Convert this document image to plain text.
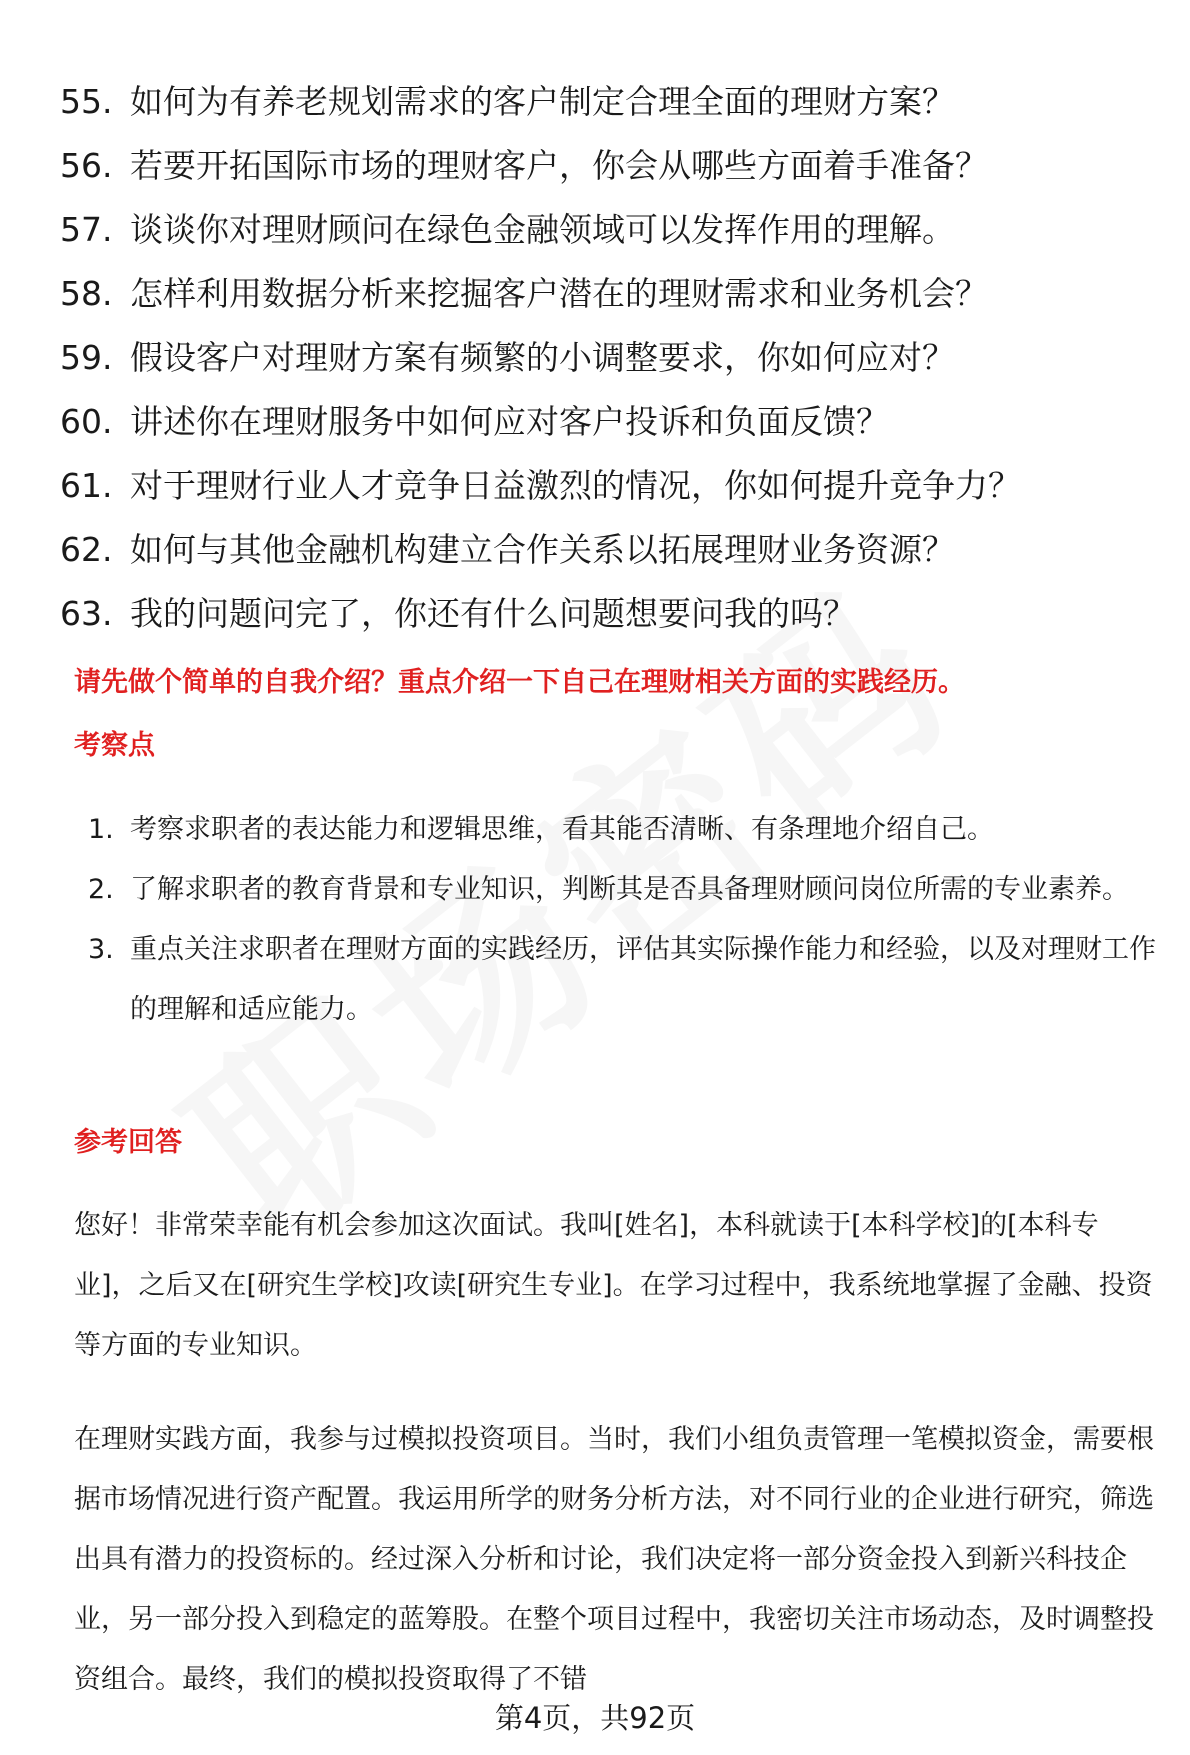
55. 如何为有养老规划需求的客户制定合理全面的理财方案？
56. 若要开拓国际市场的理财客户，你会从哪些方面着手准备？
57. 谈谈你对理财顾问在绿色金融领域可以发挥作用的理解。
58. 怎样利用数据分析来挖掘客户潜在的理财需求和业务机会？
59. 假设客户对理财方案有频繁的小调整要求，你如何应对？
60. 讲述你在理财服务中如何应对客户投诉和负面反馈？
61. 对于理财行业人才竞争日益激烈的情况，你如何提升竞争力？
62. 如何与其他金融机构建立合作关系以拓展理财业务资源？
63. 我的问题问完了，你还有什么问题想要问我的吗？
请先做个简单的自我介绍？重点介绍一下自己在理财相关方面的实践经历。
考察点
1. 考察求职者的表达能力和逻辑思维，看其能否清晰、有条理地介绍自己。
2. 了解求职者的教育背景和专业知识，判断其是否具备理财顾问岗位所需的专业素养。
3. 重点关注求职者在理财方面的实践经历，评估其实际操作能力和经验，以及对理财工作的理解和适应能力。
参考回答

您好！非常荣幸能有机会参加这次面试。我叫[姓名]，本科就读于[本科学校]的[本科专业]，之后又在[研究生学校]攻读[研究生专业]。在学习过程中，我系统地掌握了金融、投资等方面的专业知识。

在理财实践方面，我参与过模拟投资项目。当时，我们小组负责管理一笔模拟资金，需要根据市场情况进行资产配置。我运用所学的财务分析方法，对不同行业的企业进行研究，筛选出具有潜力的投资标的。经过深入分析和讨论，我们决定将一部分资金投入到新兴科技企业，另一部分投入到稳定的蓝筹股。在整个项目过程中，我密切关注市场动态，及时调整投资组合。最终，我们的模拟投资取得了不错

第4页，共92页
